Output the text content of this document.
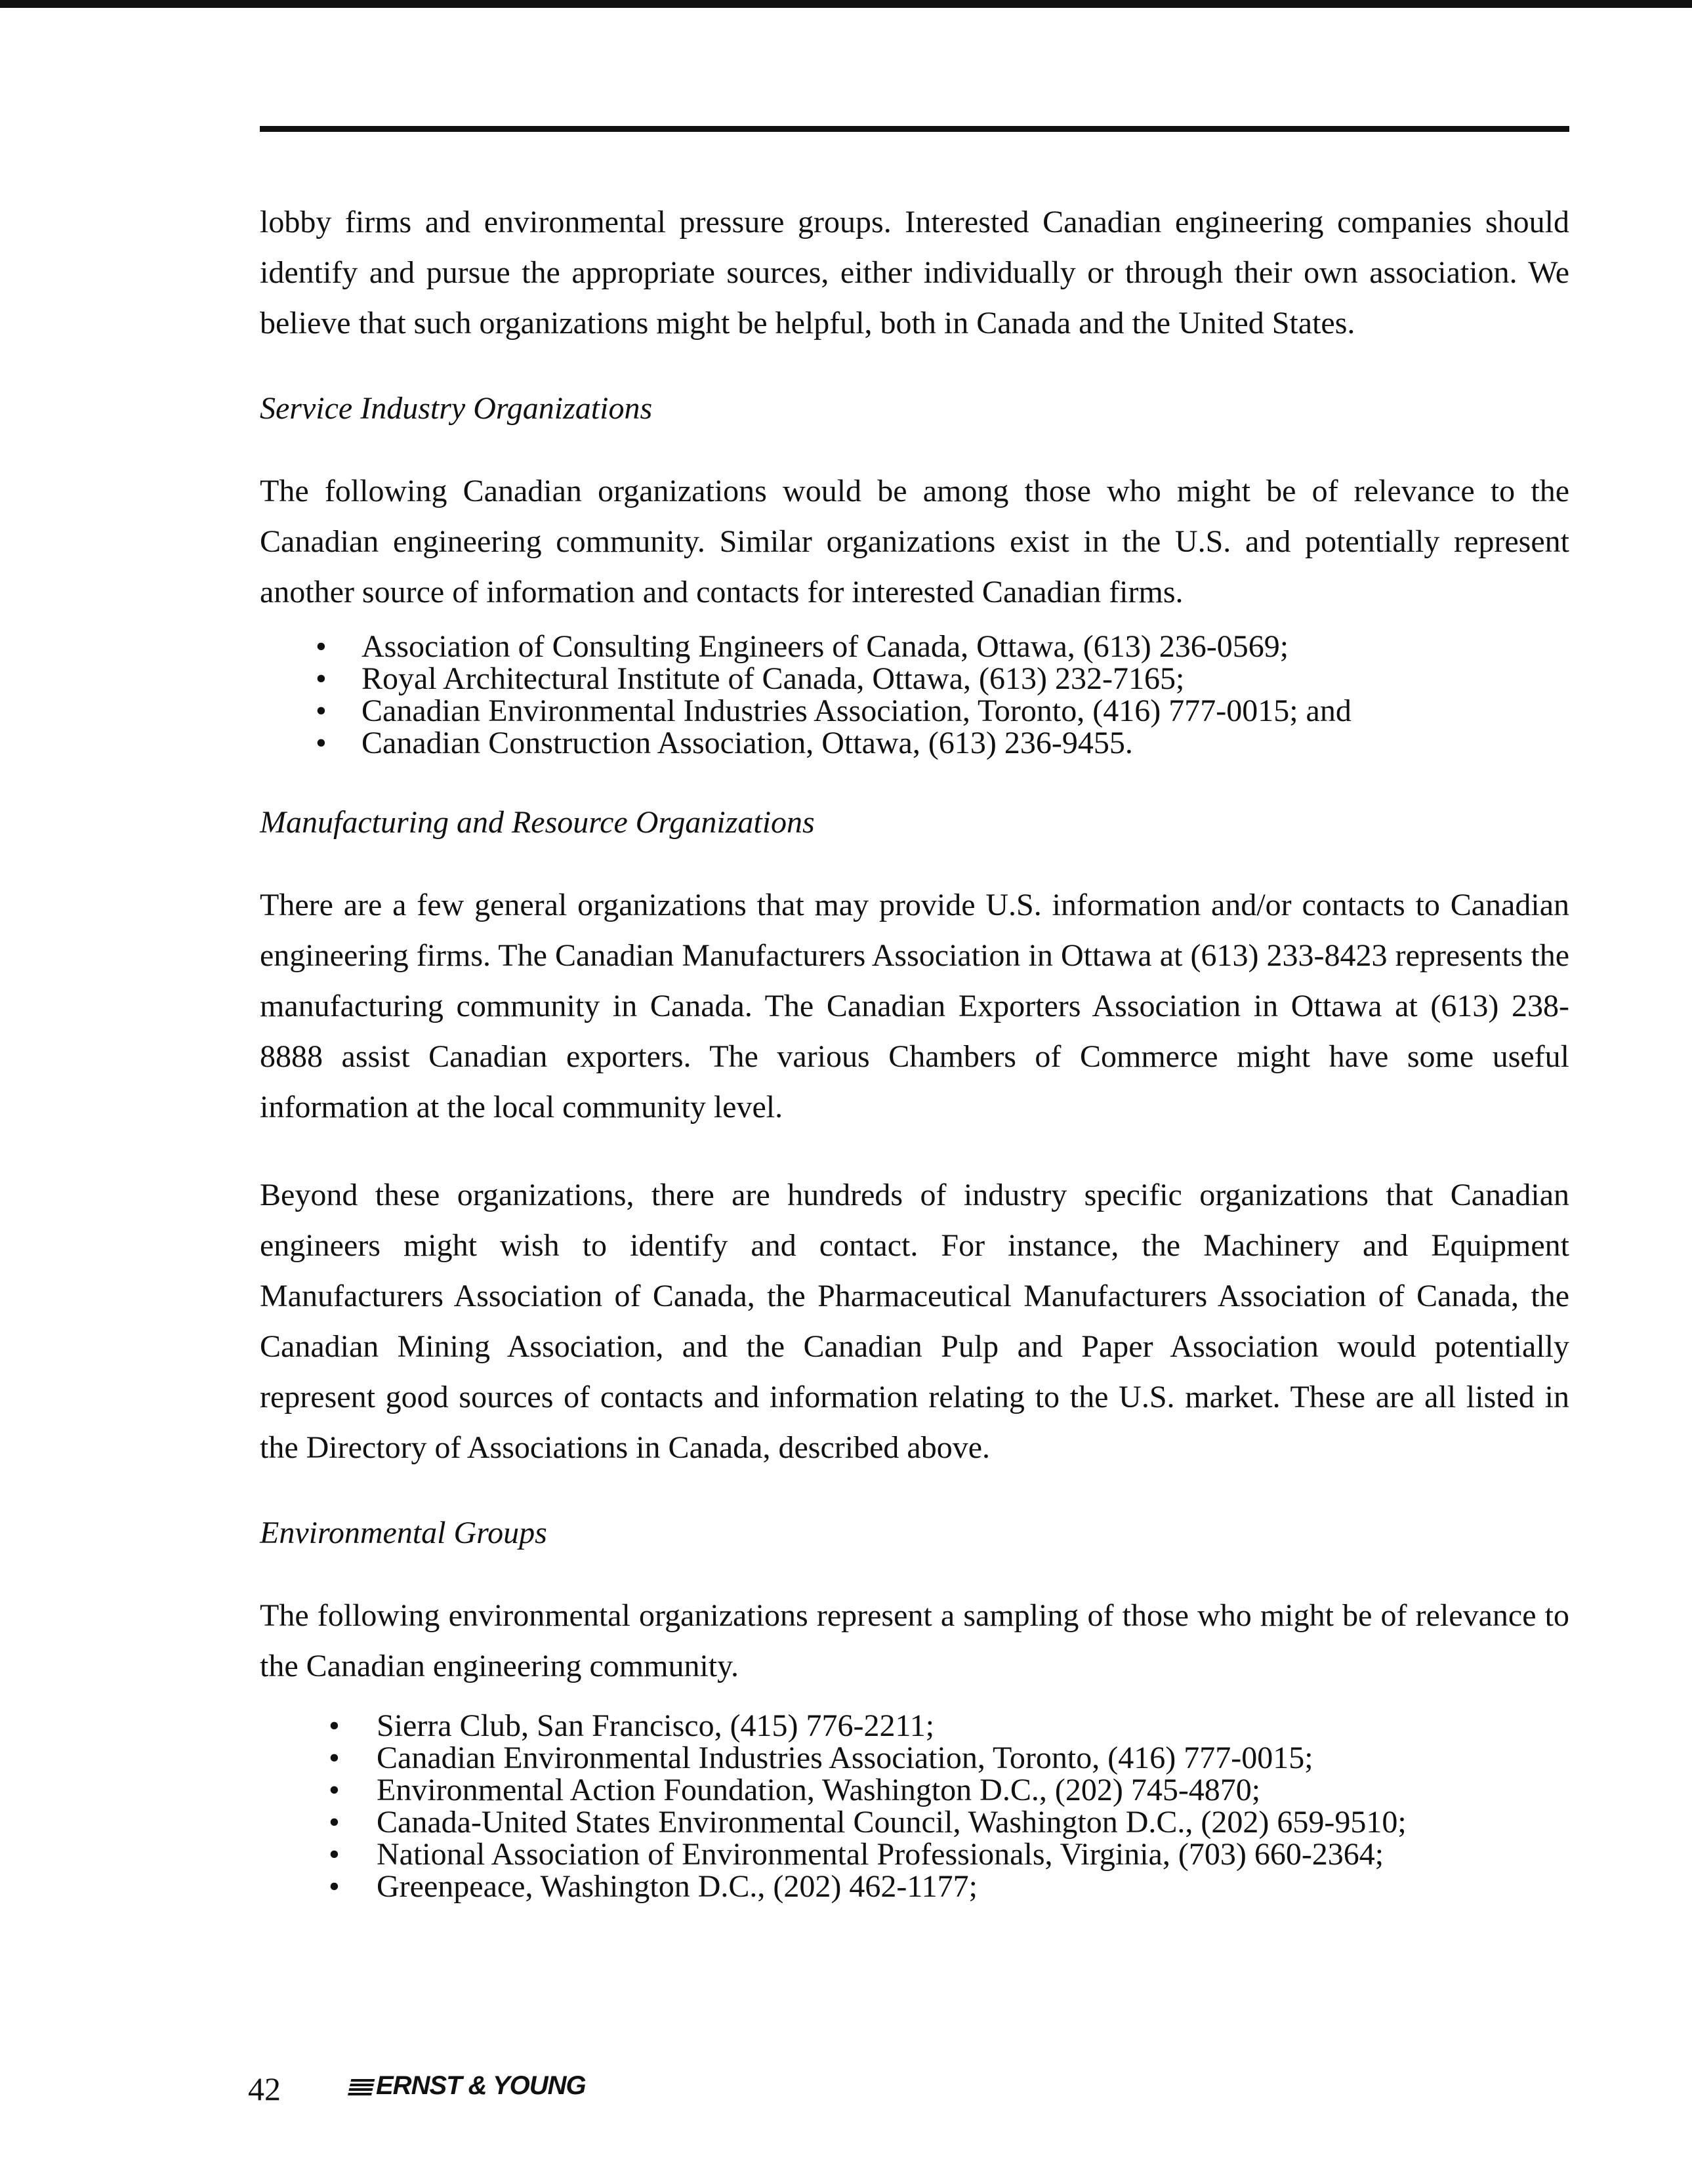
lobby firms and environmental pressure groups. Interested Canadian engineering companies should identify and pursue the appropriate sources, either individually or through their own association. We believe that such organizations might be helpful, both in Canada and the United States.

Service Industry Organizations

The following Canadian organizations would be among those who might be of relevance to the Canadian engineering community. Similar organizations exist in the U.S. and potentially represent another source of information and contacts for interested Canadian firms.

• Association of Consulting Engineers of Canada, Ottawa, (613) 236-0569;
• Royal Architectural Institute of Canada, Ottawa, (613) 232-7165;
• Canadian Environmental Industries Association, Toronto, (416) 777-0015; and
• Canadian Construction Association, Ottawa, (613) 236-9455.

Manufacturing and Resource Organizations

There are a few general organizations that may provide U.S. information and/or contacts to Canadian engineering firms. The Canadian Manufacturers Association in Ottawa at (613) 233-8423 represents the manufacturing community in Canada. The Canadian Exporters Association in Ottawa at (613) 238-8888 assist Canadian exporters. The various Chambers of Commerce might have some useful information at the local community level.

Beyond these organizations, there are hundreds of industry specific organizations that Canadian engineers might wish to identify and contact. For instance, the Machinery and Equipment Manufacturers Association of Canada, the Pharmaceutical Manufacturers Association of Canada, the Canadian Mining Association, and the Canadian Pulp and Paper Association would potentially represent good sources of contacts and information relating to the U.S. market. These are all listed in the Directory of Associations in Canada, described above.

Environmental Groups

The following environmental organizations represent a sampling of those who might be of relevance to the Canadian engineering community.

• Sierra Club, San Francisco, (415) 776-2211;
• Canadian Environmental Industries Association, Toronto, (416) 777-0015;
• Environmental Action Foundation, Washington D.C., (202) 745-4870;
• Canada-United States Environmental Council, Washington D.C., (202) 659-9510;
• National Association of Environmental Professionals, Virginia, (703) 660-2364;
• Greenpeace, Washington D.C., (202) 462-1177;
42	ERNST & YOUNG
